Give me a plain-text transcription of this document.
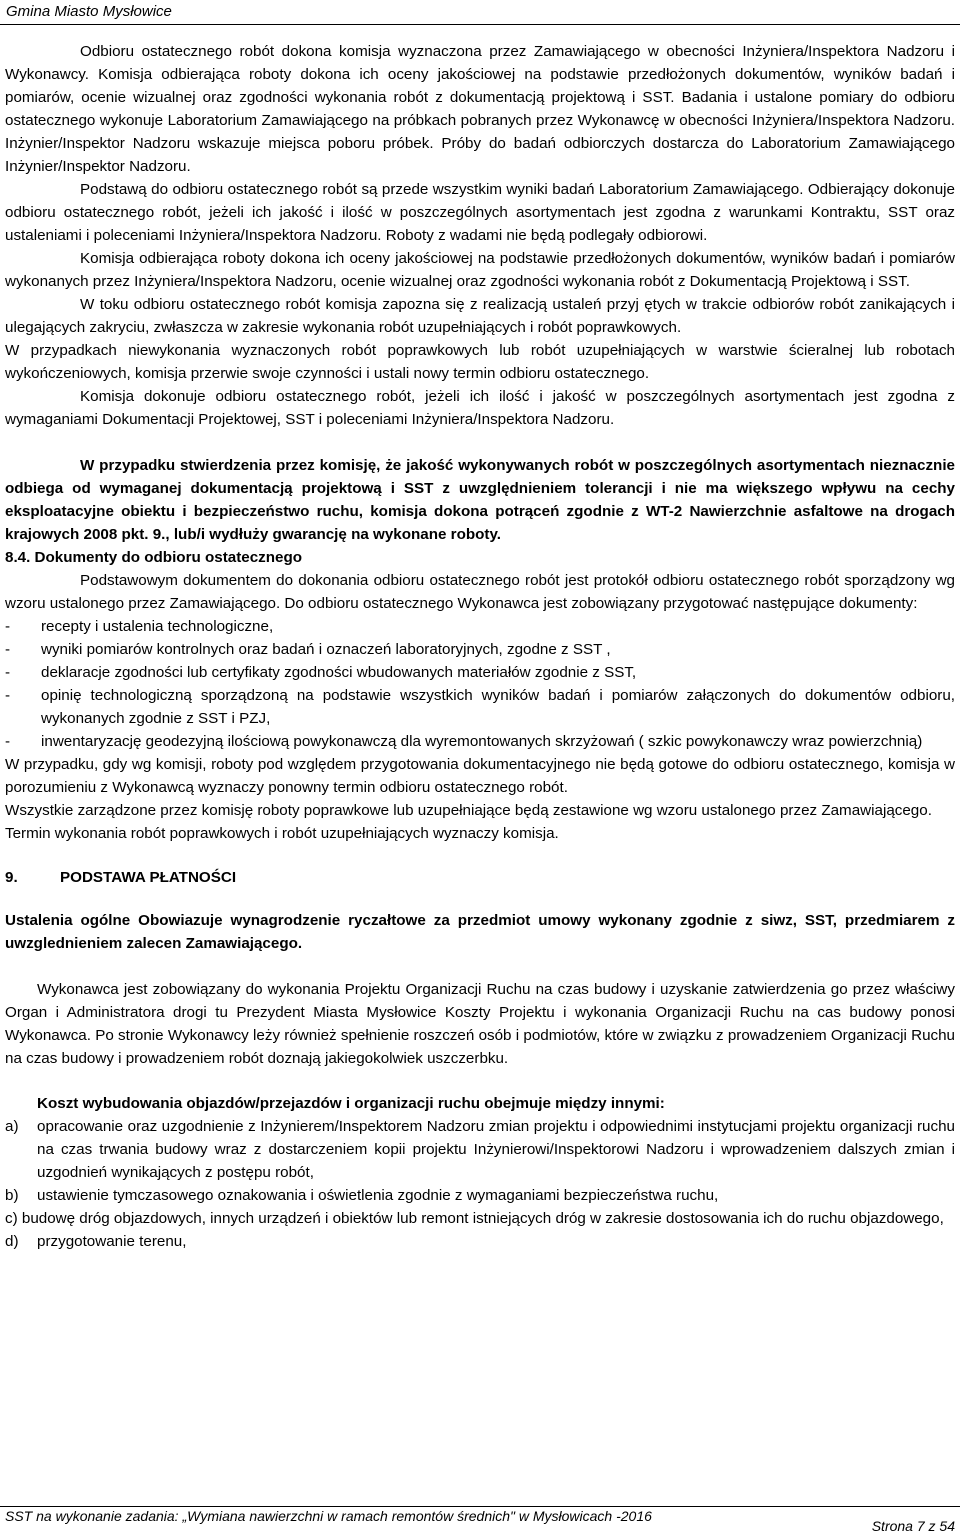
Gmina Miasto Mysłowice

Odbioru ostatecznego robót dokona komisja wyznaczona przez Zamawiającego w obecności Inżyniera/Inspektora Nadzoru i Wykonawcy. Komisja odbierająca roboty dokona ich oceny jakościowej na podstawie przedłożonych dokumentów, wyników badań i pomiarów, ocenie wizualnej oraz zgodności wykonania robót z dokumentacją projektową i SST. Badania i ustalone pomiary do odbioru ostatecznego wykonuje Laboratorium Zamawiającego na próbkach pobranych przez Wykonawcę w obecności Inżyniera/Inspektora Nadzoru. Inżynier/Inspektor Nadzoru wskazuje miejsca poboru próbek. Próby do badań odbiorczych dostarcza do Laboratorium Zamawiającego Inżynier/Inspektor Nadzoru.

Podstawą do odbioru ostatecznego robót są przede wszystkim wyniki badań Laboratorium Zamawiającego. Odbierający dokonuje odbioru ostatecznego robót, jeżeli ich jakość i ilość w poszczególnych asortymentach jest zgodna z warunkami Kontraktu, SST oraz ustaleniami i poleceniami Inżyniera/Inspektora Nadzoru. Roboty z wadami nie będą podlegały odbiorowi.

Komisja odbierająca roboty dokona ich oceny jakościowej na podstawie przedłożonych dokumentów, wyników badań i pomiarów wykonanych przez Inżyniera/Inspektora Nadzoru, ocenie wizualnej oraz zgodności wykonania robót z Dokumentacją Projektową i SST.

W toku odbioru ostatecznego robót komisja zapozna się z realizacją ustaleń przyj ętych w trakcie odbiorów robót zanikających i ulegających zakryciu, zwłaszcza w zakresie wykonania robót uzupełniających i robót poprawkowych.

W przypadkach niewykonania wyznaczonych robót poprawkowych lub robót uzupełniających w warstwie ścieralnej lub robotach wykończeniowych, komisja przerwie swoje czynności i ustali nowy termin odbioru ostatecznego.

Komisja dokonuje odbioru ostatecznego robót, jeżeli ich ilość i jakość w poszczególnych asortymentach jest zgodna z wymaganiami Dokumentacji Projektowej, SST i poleceniami Inżyniera/Inspektora Nadzoru.

W przypadku stwierdzenia przez komisję, że jakość wykonywanych robót w poszczególnych asortymentach nieznacznie odbiega od wymaganej dokumentacją projektową i SST z uwzględnieniem tolerancji i nie ma większego wpływu na cechy eksploatacyjne obiektu i bezpieczeństwo ruchu, komisja dokona potrąceń zgodnie z WT-2 Nawierzchnie asfaltowe na drogach krajowych 2008 pkt. 9., lub/i wydłuży gwarancję na wykonane roboty.

8.4. Dokumenty do odbioru ostatecznego

Podstawowym dokumentem do dokonania odbioru ostatecznego robót jest protokół odbioru ostatecznego robót sporządzony wg wzoru ustalonego przez Zamawiającego. Do odbioru ostatecznego Wykonawca jest zobowiązany przygotować następujące dokumenty:

-	recepty i ustalenia technologiczne,
-	wyniki pomiarów kontrolnych oraz badań i oznaczeń laboratoryjnych, zgodne z SST ,
-	deklaracje zgodności lub certyfikaty zgodności wbudowanych materiałów zgodnie z SST,
-	opinię technologiczną sporządzoną na podstawie wszystkich wyników badań i pomiarów załączonych do dokumentów odbioru, wykonanych zgodnie z SST i PZJ,
-	inwentaryzację geodezyjną ilościową powykonawczą dla wyremontowanych skrzyżowań ( szkic powykonawczy wraz powierzchnią)

W przypadku, gdy wg komisji, roboty pod względem przygotowania dokumentacyjnego nie będą gotowe do odbioru ostatecznego, komisja w porozumieniu z Wykonawcą wyznaczy ponowny termin odbioru ostatecznego robót.

Wszystkie zarządzone przez komisję roboty poprawkowe lub uzupełniające będą zestawione wg wzoru ustalonego przez Zamawiającego.

Termin wykonania robót poprawkowych i robót uzupełniających wyznaczy komisja.

9.	PODSTAWA PŁATNOŚCI

Ustalenia ogólne Obowiazuje wynagrodzenie ryczałtowe za przedmiot umowy wykonany zgodnie z siwz, SST, przedmiarem z uwzglednieniem zalecen Zamawiającego.

Wykonawca jest zobowiązany do wykonania Projektu Organizacji Ruchu na czas budowy i uzyskanie zatwierdzenia go przez właściwy Organ i Administratora drogi tu Prezydent Miasta Mysłowice Koszty Projektu i wykonania Organizacji Ruchu na cas budowy ponosi Wykonawca. Po stronie Wykonawcy leży również spełnienie roszczeń osób i podmiotów, które w związku z prowadzeniem Organizacji Ruchu na czas budowy i prowadzeniem robót doznają jakiegokolwiek uszczerbku.

Koszt wybudowania objazdów/przejazdów i organizacji ruchu obejmuje między innymi:

a)	opracowanie oraz uzgodnienie z Inżynierem/Inspektorem Nadzoru zmian projektu i odpowiednimi instytucjami projektu organizacji ruchu na czas trwania budowy wraz z dostarczeniem kopii projektu Inżynierowi/Inspektorowi Nadzoru i wprowadzeniem dalszych zmian i uzgodnień wynikających z postępu robót,
b)	ustawienie tymczasowego oznakowania i oświetlenia zgodnie z wymaganiami bezpieczeństwa ruchu,

c) budowę dróg objazdowych, innych urządzeń i obiektów lub remont istniejących dróg w zakresie dostosowania ich do ruchu objazdowego,

d)	przygotowanie terenu,
SST na wykonanie zadania: „Wymiana nawierzchni w ramach remontów średnich" w Mysłowicach -2016
Strona 7 z 54
